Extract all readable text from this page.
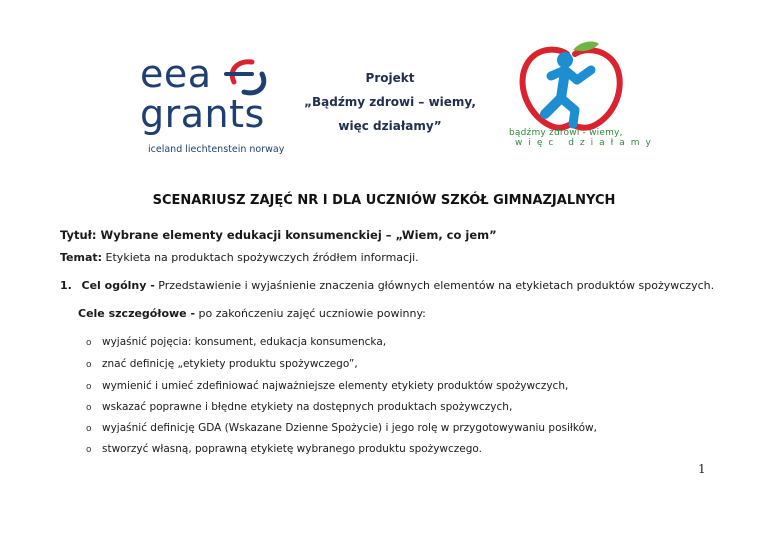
eea
grants
iceland liechtenstein norway
Projekt
„Bądźmy zdrowi – wiemy,
więc działamy”	bądźmy zdrowi - wiemy,
więc działamy
SCENARIUSZ ZAJĘĆ NR I DLA UCZNIÓW SZKÓŁ GIMNAZJALNYCH
Tytuł: Wybrane elementy edukacji konsumenckiej – „Wiem, co jem”
Temat: Etykieta na produktach spożywczych źródłem informacji.
1. Cel ogólny - Przedstawienie i wyjaśnienie znaczenia głównych elementów na etykietach produktów spożywczych.
Cele szczegółowe - po zakończeniu zajęć uczniowie powinny:
o wyjaśnić pojęcia: konsument, edukacja konsumencka,
o znać definicję „etykiety produktu spożywczego”,
o wymienić i umieć zdefiniować najważniejsze elementy etykiety produktów spożywczych,
o wskazać poprawne i błędne etykiety na dostępnych produktach spożywczych,
o wyjaśnić definicję GDA (Wskazane Dzienne Spożycie) i jego rolę w przygotowywaniu posiłków,
o stworzyć własną, poprawną etykietę wybranego produktu spożywczego.
1
